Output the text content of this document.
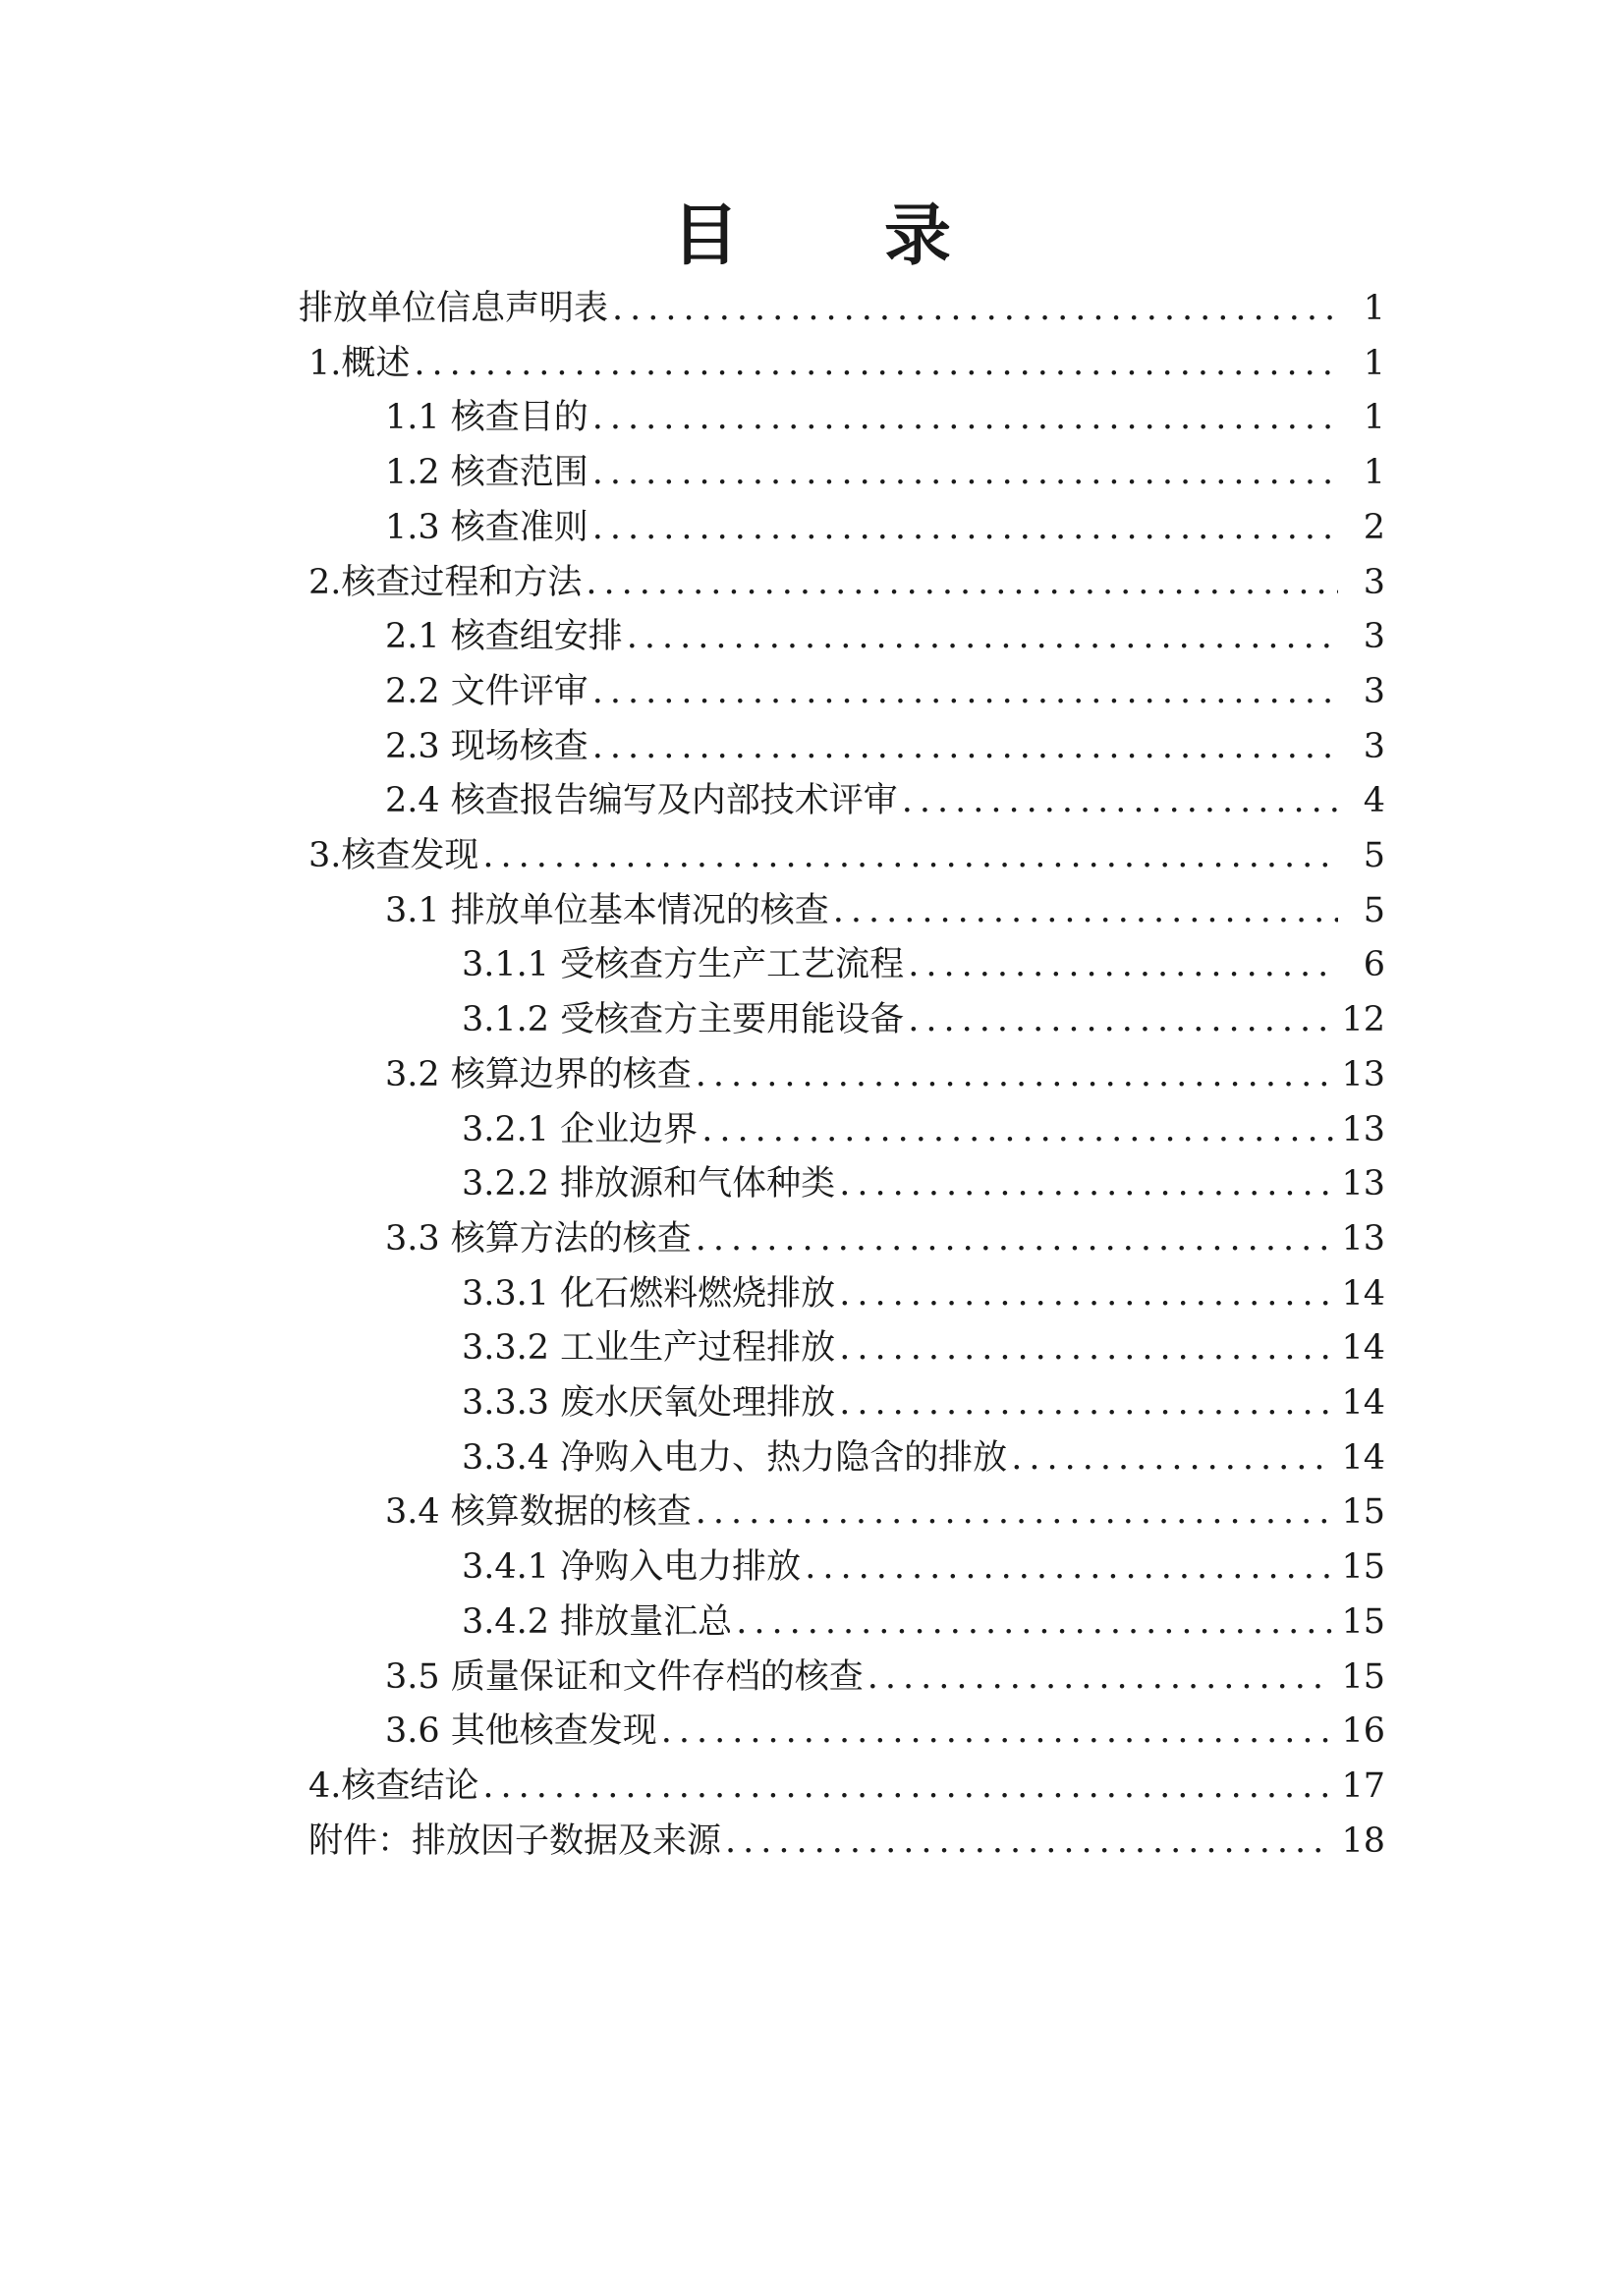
目　录
排放单位信息声明表 .....	1
1.概述 .....	1
1.1 核查目的 .....	1
1.2 核查范围 .....	1
1.3 核查准则 .....	2
2.核查过程和方法 .....	3
2.1 核查组安排 .....	3
2.2 文件评审 .....	3
2.3 现场核查 .....	3
2.4 核查报告编写及内部技术评审 .....	4
3.核查发现 .....	5
3.1 排放单位基本情况的核查 .....	5
3.1.1 受核查方生产工艺流程 .....	6
3.1.2 受核查方主要用能设备 .....	12
3.2 核算边界的核查 .....	13
3.2.1 企业边界 .....	13
3.2.2 排放源和气体种类 .....	13
3.3 核算方法的核查 .....	13
3.3.1 化石燃料燃烧排放 .....	14
3.3.2 工业生产过程排放 .....	14
3.3.3 废水厌氧处理排放 .....	14
3.3.4 净购入电力、热力隐含的排放 .....	14
3.4 核算数据的核查 .....	15
3.4.1 净购入电力排放 .....	15
3.4.2 排放量汇总 .....	15
3.5 质量保证和文件存档的核查 .....	15
3.6 其他核查发现 .....	16
4.核查结论 .....	17
附件：排放因子数据及来源 .....	18
